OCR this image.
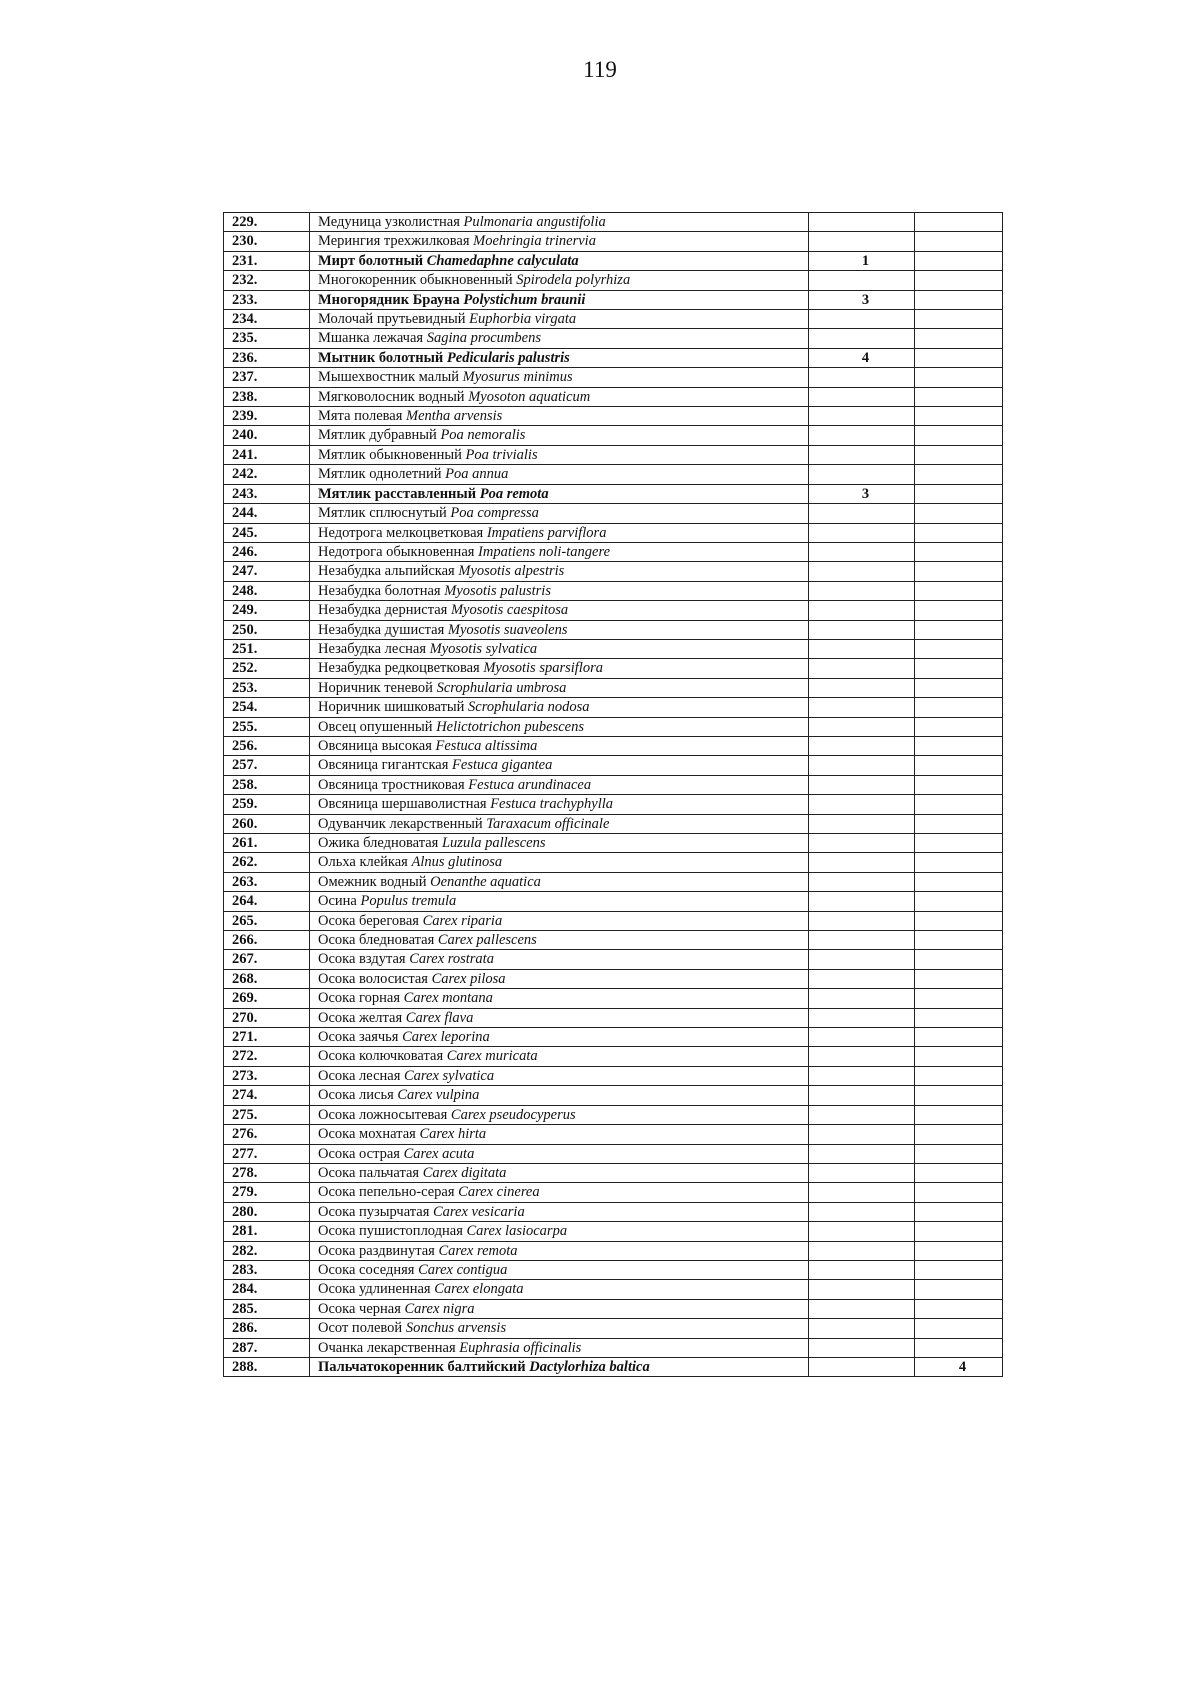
119
229.	Медуница узколистная Pulmonaria angustifolia		
230.	Мерингия трехжилковая Moehringia trinervia		
231.	Мирт болотный Chamedaphne calyculata	1	
232.	Многокоренник обыкновенный Spirodela polyrhiza		
233.	Многорядник Брауна Polystichum braunii	3	
234.	Молочай прутьевидный Euphorbia virgata		
235.	Мшанка лежачая Sagina procumbens		
236.	Мытник болотный Pedicularis palustris	4	
237.	Мышехвостник малый Myosurus minimus		
238.	Мягковолосник водный Myosoton aquaticum		
239.	Мята полевая Mentha arvensis		
240.	Мятлик дубравный Poa nemoralis		
241.	Мятлик обыкновенный Poa trivialis		
242.	Мятлик однолетний Poa annua		
243.	Мятлик расставленный Poa remota	3	
244.	Мятлик сплюснутый Poa compressa		
245.	Недотрога мелкоцветковая Impatiens parviflora		
246.	Недотрога обыкновенная Impatiens noli-tangere		
247.	Незабудка альпийская Myosotis alpestris		
248.	Незабудка болотная Myosotis palustris		
249.	Незабудка дернистая Myosotis caespitosa		
250.	Незабудка душистая Myosotis suaveolens		
251.	Незабудка лесная Myosotis sylvatica		
252.	Незабудка редкоцветковая Myosotis sparsiflora		
253.	Норичник теневой Scrophularia umbrosa		
254.	Норичник шишковатый Scrophularia nodosa		
255.	Овсец опушенный Helictotrichon pubescens		
256.	Овсяница высокая Festuca altissima		
257.	Овсяница гигантская Festuca gigantea		
258.	Овсяница тростниковая Festuca arundinacea		
259.	Овсяница шершаволистная Festuca trachyphylla		
260.	Одуванчик лекарственный Taraxacum officinale		
261.	Ожика бледноватая Luzula pallescens		
262.	Ольха клейкая Alnus glutinosa		
263.	Омежник водный Oenanthe aquatica		
264.	Осина Populus tremula		
265.	Осока береговая Carex riparia		
266.	Осока бледноватая Carex pallescens		
267.	Осока вздутая Carex rostrata		
268.	Осока волосистая Carex pilosa		
269.	Осока горная Carex montana		
270.	Осока желтая Carex flava		
271.	Осока заячья Carex leporina		
272.	Осока колючковатая Carex muricata		
273.	Осока лесная Carex sylvatica		
274.	Осока лисья Carex vulpina		
275.	Осока ложносытевая Carex pseudocyperus		
276.	Осока мохнатая Carex hirta		
277.	Осока острая Carex acuta		
278.	Осока пальчатая Carex digitata		
279.	Осока пепельно-серая Carex cinerea		
280.	Осока пузырчатая Carex vesicaria		
281.	Осока пушистоплодная Carex lasiocarpa		
282.	Осока раздвинутая Carex remota		
283.	Осока соседняя Carex contigua		
284.	Осока удлиненная Carex elongata		
285.	Осока черная Carex nigra		
286.	Осот полевой Sonchus arvensis		
287.	Очанка лекарственная Euphrasia officinalis		
288.	Пальчатокоренник балтийский Dactylorhiza baltica		4
